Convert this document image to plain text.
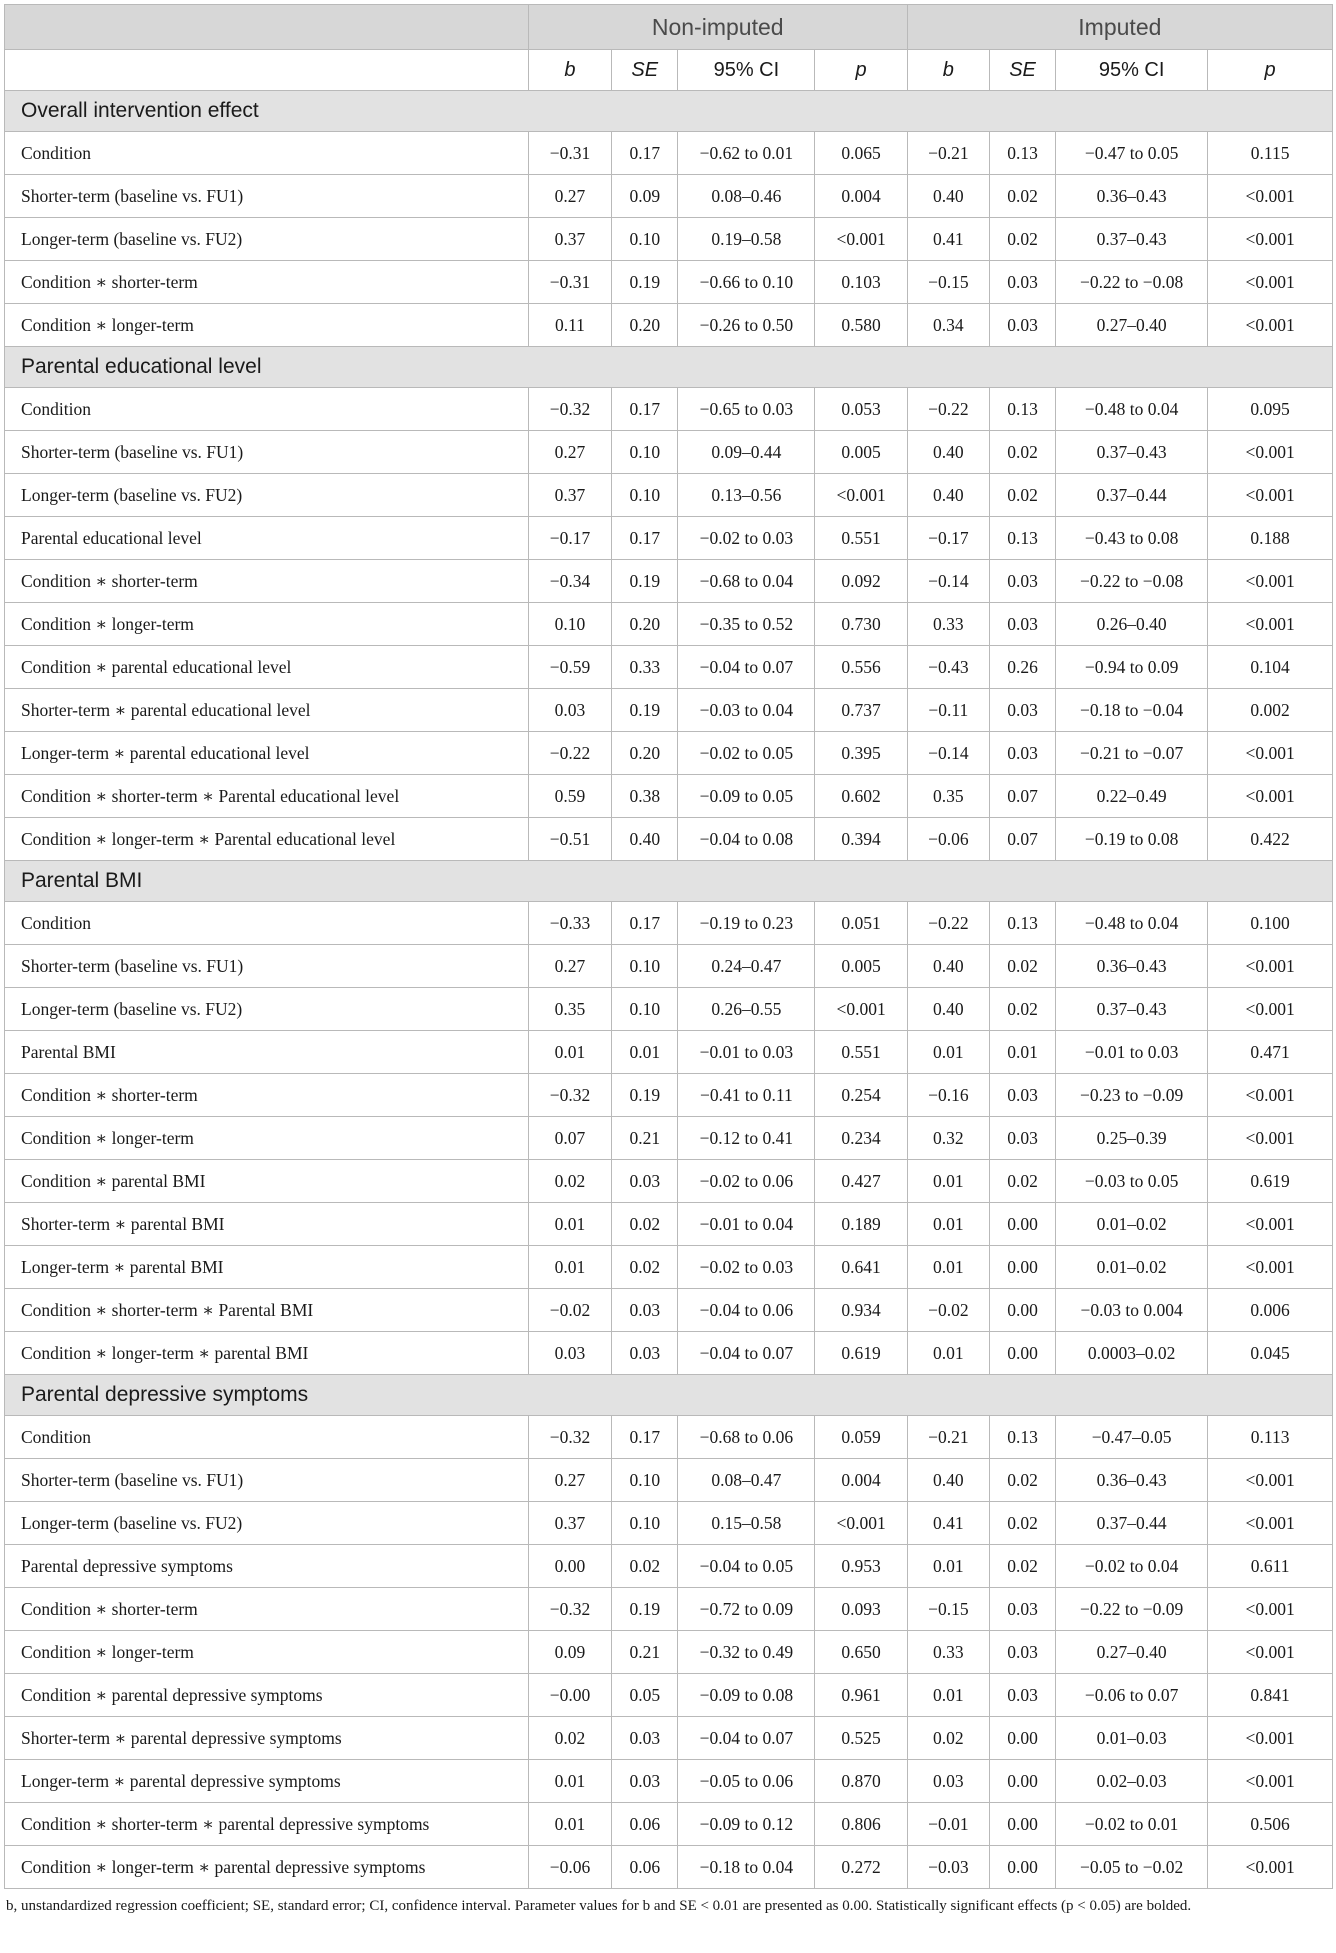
	Non-imputed				Imputed			
	b	SE	95% CI	p	b	SE	95% CI	p
Overall intervention effect								
Condition	−0.31	0.17	−0.62 to 0.01	0.065	−0.21	0.13	−0.47 to 0.05	0.115
Shorter-term (baseline vs. FU1)	0.27	0.09	0.08–0.46	0.004	0.40	0.02	0.36–0.43	<0.001
Longer-term (baseline vs. FU2)	0.37	0.10	0.19–0.58	<0.001	0.41	0.02	0.37–0.43	<0.001
Condition ∗ shorter-term	−0.31	0.19	−0.66 to 0.10	0.103	−0.15	0.03	−0.22 to −0.08	<0.001
Condition ∗ longer-term	0.11	0.20	−0.26 to 0.50	0.580	0.34	0.03	0.27–0.40	<0.001
Parental educational level								
Condition	−0.32	0.17	−0.65 to 0.03	0.053	−0.22	0.13	−0.48 to 0.04	0.095
Shorter-term (baseline vs. FU1)	0.27	0.10	0.09–0.44	0.005	0.40	0.02	0.37–0.43	<0.001
Longer-term (baseline vs. FU2)	0.37	0.10	0.13–0.56	<0.001	0.40	0.02	0.37–0.44	<0.001
Parental educational level	−0.17	0.17	−0.02 to 0.03	0.551	−0.17	0.13	−0.43 to 0.08	0.188
Condition ∗ shorter-term	−0.34	0.19	−0.68 to 0.04	0.092	−0.14	0.03	−0.22 to −0.08	<0.001
Condition ∗ longer-term	0.10	0.20	−0.35 to 0.52	0.730	0.33	0.03	0.26–0.40	<0.001
Condition ∗ parental educational level	−0.59	0.33	−0.04 to 0.07	0.556	−0.43	0.26	−0.94 to 0.09	0.104
Shorter-term ∗ parental educational level	0.03	0.19	−0.03 to 0.04	0.737	−0.11	0.03	−0.18 to −0.04	0.002
Longer-term ∗ parental educational level	−0.22	0.20	−0.02 to 0.05	0.395	−0.14	0.03	−0.21 to −0.07	<0.001
Condition ∗ shorter-term ∗ Parental educational level	0.59	0.38	−0.09 to 0.05	0.602	0.35	0.07	0.22–0.49	<0.001
Condition ∗ longer-term ∗ Parental educational level	−0.51	0.40	−0.04 to 0.08	0.394	−0.06	0.07	−0.19 to 0.08	0.422
Parental BMI								
Condition	−0.33	0.17	−0.19 to 0.23	0.051	−0.22	0.13	−0.48 to 0.04	0.100
Shorter-term (baseline vs. FU1)	0.27	0.10	0.24–0.47	0.005	0.40	0.02	0.36–0.43	<0.001
Longer-term (baseline vs. FU2)	0.35	0.10	0.26–0.55	<0.001	0.40	0.02	0.37–0.43	<0.001
Parental BMI	0.01	0.01	−0.01 to 0.03	0.551	0.01	0.01	−0.01 to 0.03	0.471
Condition ∗ shorter-term	−0.32	0.19	−0.41 to 0.11	0.254	−0.16	0.03	−0.23 to −0.09	<0.001
Condition ∗ longer-term	0.07	0.21	−0.12 to 0.41	0.234	0.32	0.03	0.25–0.39	<0.001
Condition ∗ parental BMI	0.02	0.03	−0.02 to 0.06	0.427	0.01	0.02	−0.03 to 0.05	0.619
Shorter-term ∗ parental BMI	0.01	0.02	−0.01 to 0.04	0.189	0.01	0.00	0.01–0.02	<0.001
Longer-term ∗ parental BMI	0.01	0.02	−0.02 to 0.03	0.641	0.01	0.00	0.01–0.02	<0.001
Condition ∗ shorter-term ∗ Parental BMI	−0.02	0.03	−0.04 to 0.06	0.934	−0.02	0.00	−0.03 to 0.004	0.006
Condition ∗ longer-term ∗ parental BMI	0.03	0.03	−0.04 to 0.07	0.619	0.01	0.00	0.0003–0.02	0.045
Parental depressive symptoms								
Condition	−0.32	0.17	−0.68 to 0.06	0.059	−0.21	0.13	−0.47–0.05	0.113
Shorter-term (baseline vs. FU1)	0.27	0.10	0.08–0.47	0.004	0.40	0.02	0.36–0.43	<0.001
Longer-term (baseline vs. FU2)	0.37	0.10	0.15–0.58	<0.001	0.41	0.02	0.37–0.44	<0.001
Parental depressive symptoms	0.00	0.02	−0.04 to 0.05	0.953	0.01	0.02	−0.02 to 0.04	0.611
Condition ∗ shorter-term	−0.32	0.19	−0.72 to 0.09	0.093	−0.15	0.03	−0.22 to −0.09	<0.001
Condition ∗ longer-term	0.09	0.21	−0.32 to 0.49	0.650	0.33	0.03	0.27–0.40	<0.001
Condition ∗ parental depressive symptoms	−0.00	0.05	−0.09 to 0.08	0.961	0.01	0.03	−0.06 to 0.07	0.841
Shorter-term ∗ parental depressive symptoms	0.02	0.03	−0.04 to 0.07	0.525	0.02	0.00	0.01–0.03	<0.001
Longer-term ∗ parental depressive symptoms	0.01	0.03	−0.05 to 0.06	0.870	0.03	0.00	0.02–0.03	<0.001
Condition ∗ shorter-term ∗ parental depressive symptoms	0.01	0.06	−0.09 to 0.12	0.806	−0.01	0.00	−0.02 to 0.01	0.506
Condition ∗ longer-term ∗ parental depressive symptoms	−0.06	0.06	−0.18 to 0.04	0.272	−0.03	0.00	−0.05 to −0.02	<0.001

b, unstandardized regression coefficient; SE, standard error; CI, confidence interval. Parameter values for b and SE < 0.01 are presented as 0.00. Statistically significant effects (p < 0.05) are bolded.
